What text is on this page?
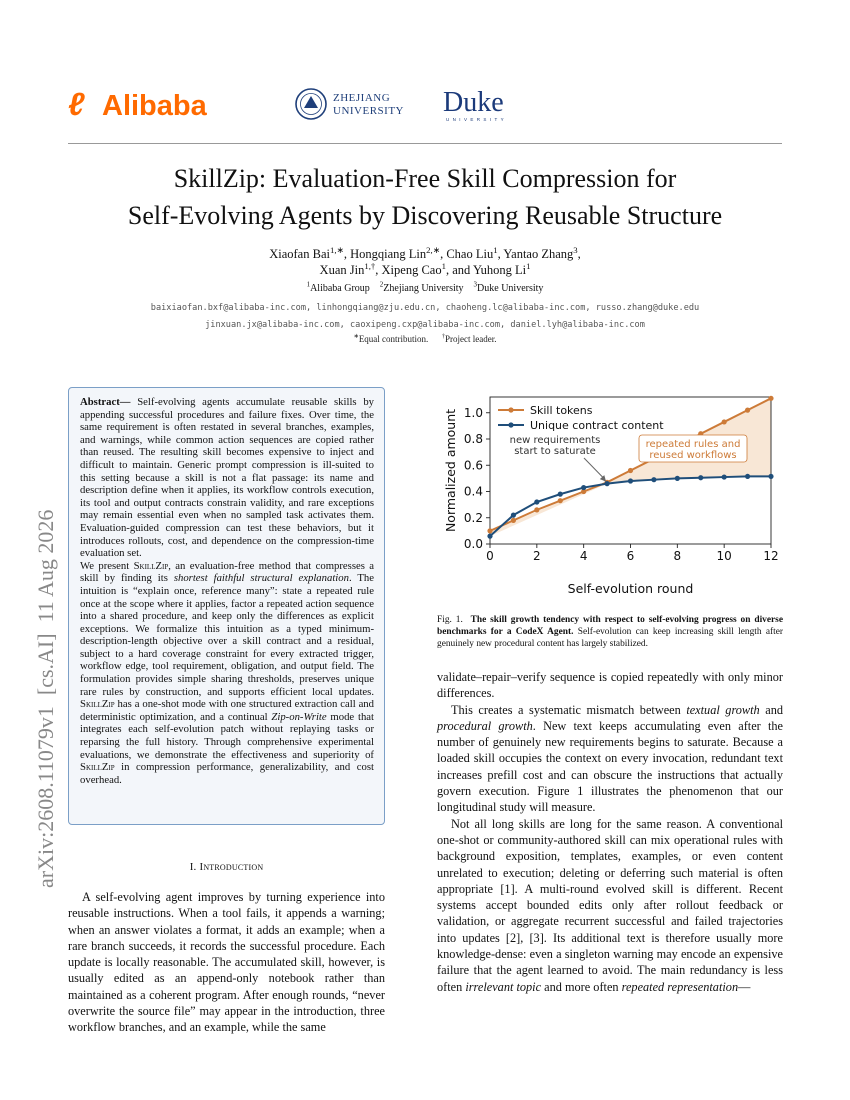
ℓ Alibaba	ZHEJIANG
UNIVERSITY Duke
UNIVERSITY
SkillZip: Evaluation-Free Skill Compression for
Self-Evolving Agents by Discovering Reusable Structure
Xiaofan Bai$^{1,∗}$, Hongqiang Lin$^{2,∗}$, Chao Liu$^1$, Yantao Zhang$^3$,
Xuan Jin$^{1,\dagger}$, Xipeng Cao$^1$, and Yuhong Li$^1$
$^1$Alibaba Group $^2$Zhejiang University $^3$Duke University
baixiaofan.bxf@alibaba-inc.com, linhongqiang@zju.edu.cn, chaoheng.lc@alibaba-inc.com, russo.zhang@duke.edu
jinxuan.jx@alibaba-inc.com, caoxipeng.cxp@alibaba-inc.com, daniel.lyh@alibaba-inc.com
∗Equal contribution. †Project leader.
arXiv:2608.11079v1  [cs.AI]  11 Aug 2026

Abstract— Self-evolving agents accumulate reusable skills by appending successful procedures and failure fixes. Over time, the same requirement is often restated in several branches, examples, and warnings, while common action sequences are copied rather than reused. The resulting skill becomes expensive to inject and difficult to maintain. Generic prompt compression is ill-suited to this setting because a skill is not a flat passage: its name and description define when it applies, its workflow controls execution, its tool and output contracts constrain validity, and rare exceptions may remain essential even when no sampled task activates them. Evaluation-guided compression can test these behaviors, but it introduces rollouts, cost, and dependence on the compression-time evaluation set.

We present SkillZip, an evaluation-free method that compresses a skill by finding its shortest faithful structural explanation. The intuition is “explain once, reference many”: state a repeated rule once at the scope where it applies, factor a repeated action sequence into a shared procedure, and keep only the differences as explicit exceptions. We formalize this intuition as a typed minimum-description-length objective over a skill contract and a residual, subject to a hard coverage constraint for every extracted trigger, workflow edge, tool requirement, obligation, and output field. The formulation provides simple sharing thresholds, preserves unique rare rules by construction, and supports efficient local updates. SkillZip has a one-shot mode with one structured extraction call and deterministic optimization, and a continual Zip-on-Write mode that integrates each self-evolution patch without replaying tasks or reparsing the full history. Through comprehensive experimental evaluations, we demonstrate the effectiveness and superiority of SkillZip in compression performance, generalizability, and cost overhead.

I. Introduction

A self-evolving agent improves by turning experience into reusable instructions. When a tool fails, it appends a warning; when an answer violates a format, it adds an example; when a rare branch succeeds, it records the successful procedure. Each update is locally reasonable. The accumulated skill, however, is usually edited as an append-only notebook rather than maintained as a coherent program. After enough rounds, “never overwrite the source file” may appear in the introduction, three workflow branches, and an example, while the same

0	2	4	6	8	10	12
0.0
0.2
0.4
0.6
0.8
1.0
Self-evolution round
Normalized amount	Skill tokens
Unique contract content
new requirements
start to saturate
repeated rules and
reused workflows
Fig. 1. The skill growth tendency with respect to self-evolving progress on diverse benchmarks for a CodeX Agent. Self-evolution can keep increasing skill length after genuinely new procedural content has largely stabilized.

validate–repair–verify sequence is copied repeatedly with only minor differences.

This creates a systematic mismatch between textual growth and procedural growth. New text keeps accumulating even after the number of genuinely new requirements begins to saturate. Because a loaded skill occupies the context on every invocation, redundant text increases prefill cost and can obscure the instructions that actually govern execution. Figure 1 illustrates the phenomenon that our longitudinal study will measure.

Not all long skills are long for the same reason. A conventional one-shot or community-authored skill can mix operational rules with background exposition, templates, examples, or even content unrelated to execution; deleting or deferring such material is often appropriate [1]. A multi-round evolved skill is different. Recent systems accept bounded edits only after rollout feedback or validation, or aggregate recurrent successful and failed trajectories into updates [2], [3]. Its additional text is therefore usually more knowledge-dense: even a singleton warning may encode an expensive failure that the agent learned to avoid. The main redundancy is less often irrelevant topic and more often repeated representation—
